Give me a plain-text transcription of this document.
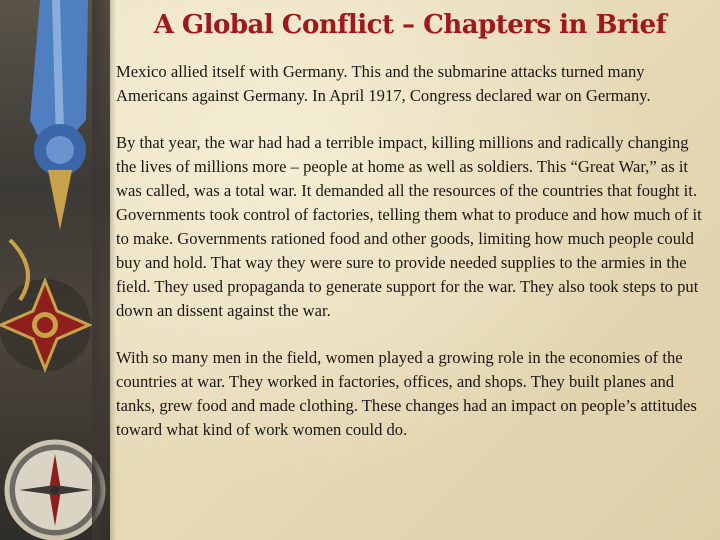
A Global Conflict – Chapters in Brief

Mexico allied itself with Germany. This and the submarine attacks turned many Americans against Germany. In April 1917, Congress declared war on Germany.

By that year, the war had had a terrible impact, killing millions and radically changing the lives of millions more – people at home as well as soldiers. This “Great War,” as it was called, was a total war. It demanded all the resources of the countries that fought it. Governments took control of factories, telling them what to produce and how much of it to make. Governments rationed food and other goods, limiting how much people could buy and hold. That way they were sure to provide needed supplies to the armies in the field. They used propaganda to generate support for the war. They also took steps to put down an dissent against the war.

With so many men in the field, women played a growing role in the economies of the countries at war. They worked in factories, offices, and shops. They built planes and tanks, grew food and made clothing. These changes had an impact on people’s attitudes toward what kind of work women could do.
